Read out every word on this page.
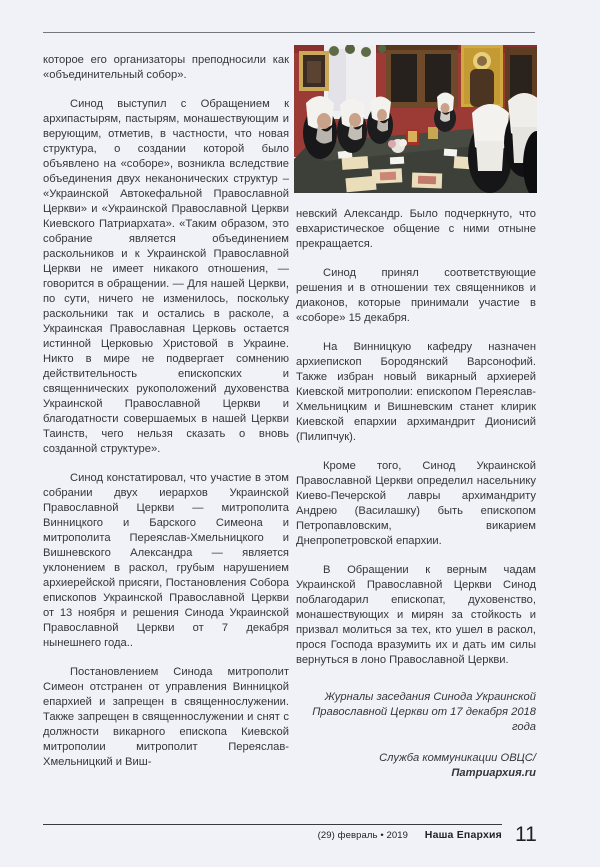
которое его организаторы преподносили как «объединительный собор».

Синод выступил с Обращением к архипастырям, пастырям, монашествующим и верующим, отметив, в частности, что новая структура, о создании которой было объявлено на «соборе», возникла вследствие объединения двух неканонических структур – «Украинской Автокефальной Православной Церкви» и «Украинской Православной Церкви Киевского Патриархата». «Таким образом, это собрание является объединением раскольников и к Украинской Православной Церкви не имеет никакого отношения, — говорится в обращении. — Для нашей Церкви, по сути, ничего не изменилось, поскольку раскольники так и остались в расколе, а Украинская Православная Церковь остается истинной Церковью Христовой в Украине. Никто в мире не подвергает сомнению действительность епископских и священнических рукоположений духовенства Украинской Православной Церкви и благодатности совершаемых в нашей Церкви Таинств, чего нельзя сказать о вновь созданной структуре».

Синод констатировал, что участие в этом собрании двух иерархов Украинской Православной Церкви — митрополита Винницкого и Барского Симеона и митрополита Переяслав-Хмельницкого и Вишневского Александра — является уклонением в раскол, грубым нарушением архиерейской присяги, Постановления Собора епископов Украинской Православной Церкви от 13 ноября и решения Синода Украинской Православной Церкви от 7 декабря нынешнего года..

Постановлением Синода митрополит Симеон отстранен от управления Винницкой епархией и запрещен в священнослужении. Также запрещен в священнослужении и снят с должности викарного епископа Киевской митрополии митрополит Переяслав-Хмельницкий и Виш-

невский Александр. Было подчеркнуто, что евхаристическое общение с ними отныне прекращается.

Синод принял соответствующие решения и в отношении тех священников и диаконов, которые принимали участие в «соборе» 15 декабря.

На Винницкую кафедру назначен архиепископ Бородянский Варсонофий. Также избран новый викарный архиерей Киевской митрополии: епископом Переяслав-Хмельницким и Вишневским станет клирик Киевской епархии архимандрит Дионисий (Пилипчук).

Кроме того, Синод Украинской Православной Церкви определил насельнику Киево-Печерской лавры архимандриту Андрею (Василашку) быть епископом Петропавловским, викарием Днепропетровской епархии.

В Обращении к верным чадам Украинской Православной Церкви Синод поблагодарил епископат, духовенство, монашествующих и мирян за стойкость и призвал молиться за тех, кто ушел в раскол, прося Господа вразумить их и дать им силы вернуться в лоно Православной Церкви.

Журналы заседания Синода Украинской Православной Церкви от 17 декабря 2018 года

Служба коммуникации ОВЦС/
Патриархия.ru

(29) февраль • 2019 Наша Епархия 11
